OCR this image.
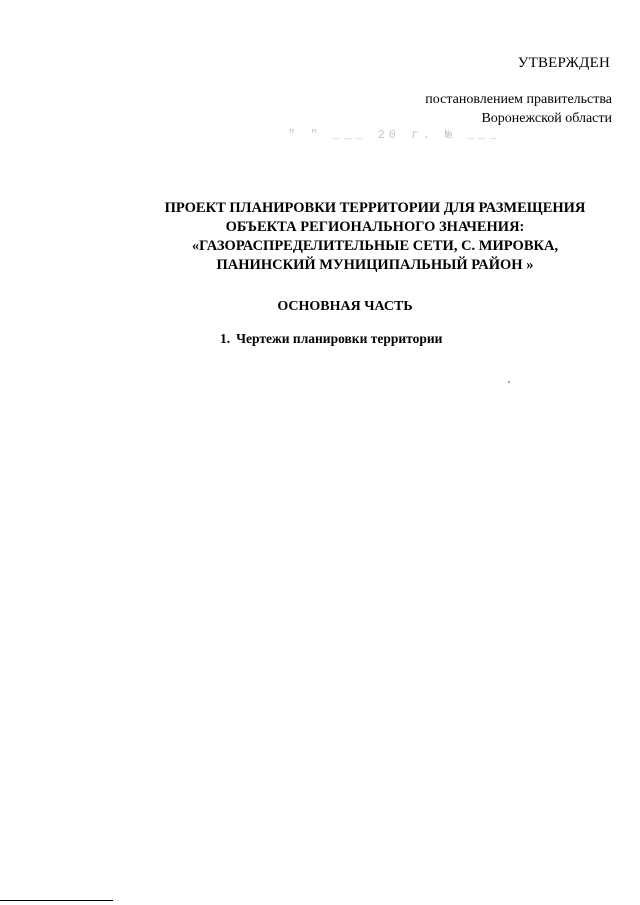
УТВЕРЖДЕН
постановлением правительства
Воронежской области
" " ___ 20 г. № ___
ПРОЕКТ ПЛАНИРОВКИ ТЕРРИТОРИИ ДЛЯ РАЗМЕЩЕНИЯ
ОБЪЕКТА РЕГИОНАЛЬНОГО ЗНАЧЕНИЯ:
«ГАЗОРАСПРЕДЕЛИТЕЛЬНЫЕ СЕТИ, С. МИРОВКА,
ПАНИНСКИЙ МУНИЦИПАЛЬНЫЙ РАЙОН »
ОСНОВНАЯ ЧАСТЬ
1. Чертежи планировки территории
